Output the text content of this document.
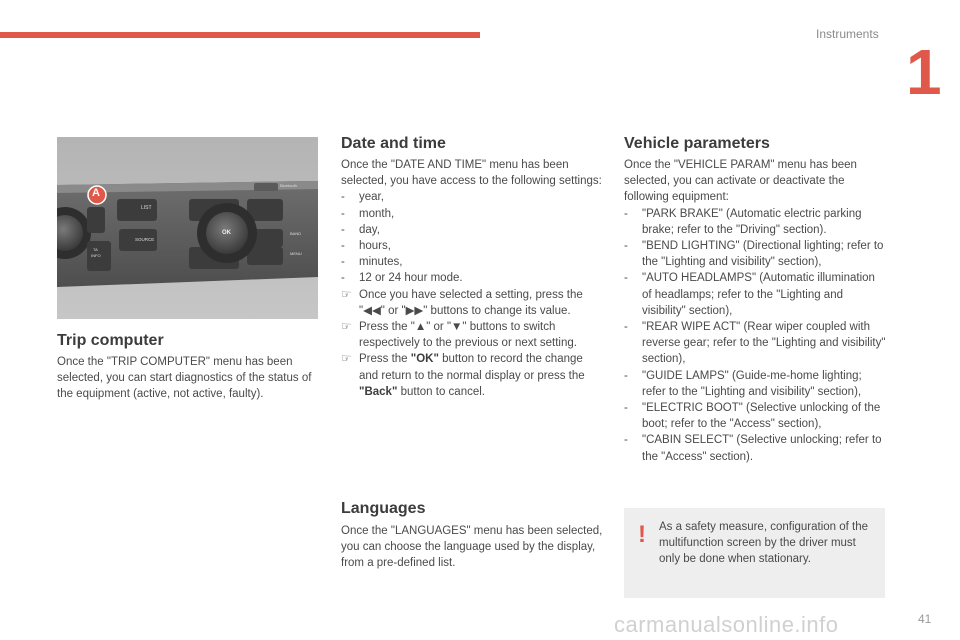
Instruments
1
A
LIST
OK	BAND
MENU
SOURCE
TA
INFO
Bluetooth
Trip computer

Once the "TRIP COMPUTER" menu has been selected, you can start diagnostics of the status of the equipment (active, not active, faulty).

Date and time

Once the "DATE AND TIME" menu has been selected, you have access to the following settings:

- year,
- month,
- day,
- hours,
- minutes,
- 12 or 24 hour mode.
☞ Once you have selected a setting, press the "◀◀" or "▶▶" buttons to change its value.
☞ Press the "▲" or "▼" buttons to switch respectively to the previous or next setting.
☞ Press the "OK" button to record the change and return to the normal display or press the "Back" button to cancel.
Languages

Once the "LANGUAGES" menu has been selected, you can choose the language used by the display, from a pre-defined list.

Vehicle parameters

Once the "VEHICLE PARAM" menu has been selected, you can activate or deactivate the following equipment:

- "PARK BRAKE" (Automatic electric parking brake; refer to the "Driving" section).
- "BEND LIGHTING" (Directional lighting; refer to the "Lighting and visibility" section),
- "AUTO HEADLAMPS" (Automatic illumination of headlamps; refer to the "Lighting and visibility" section),
- "REAR WIPE ACT" (Rear wiper coupled with reverse gear; refer to the "Lighting and visibility" section),
- "GUIDE LAMPS" (Guide-me-home lighting; refer to the "Lighting and visibility" section),
- "ELECTRIC BOOT" (Selective unlocking of the boot; refer to the "Access" section),
- "CABIN SELECT" (Selective unlocking; refer to the "Access" section).
! As a safety measure, configuration of the multifunction screen by the driver must only be done when stationary.

carmanualsonline.info	41
